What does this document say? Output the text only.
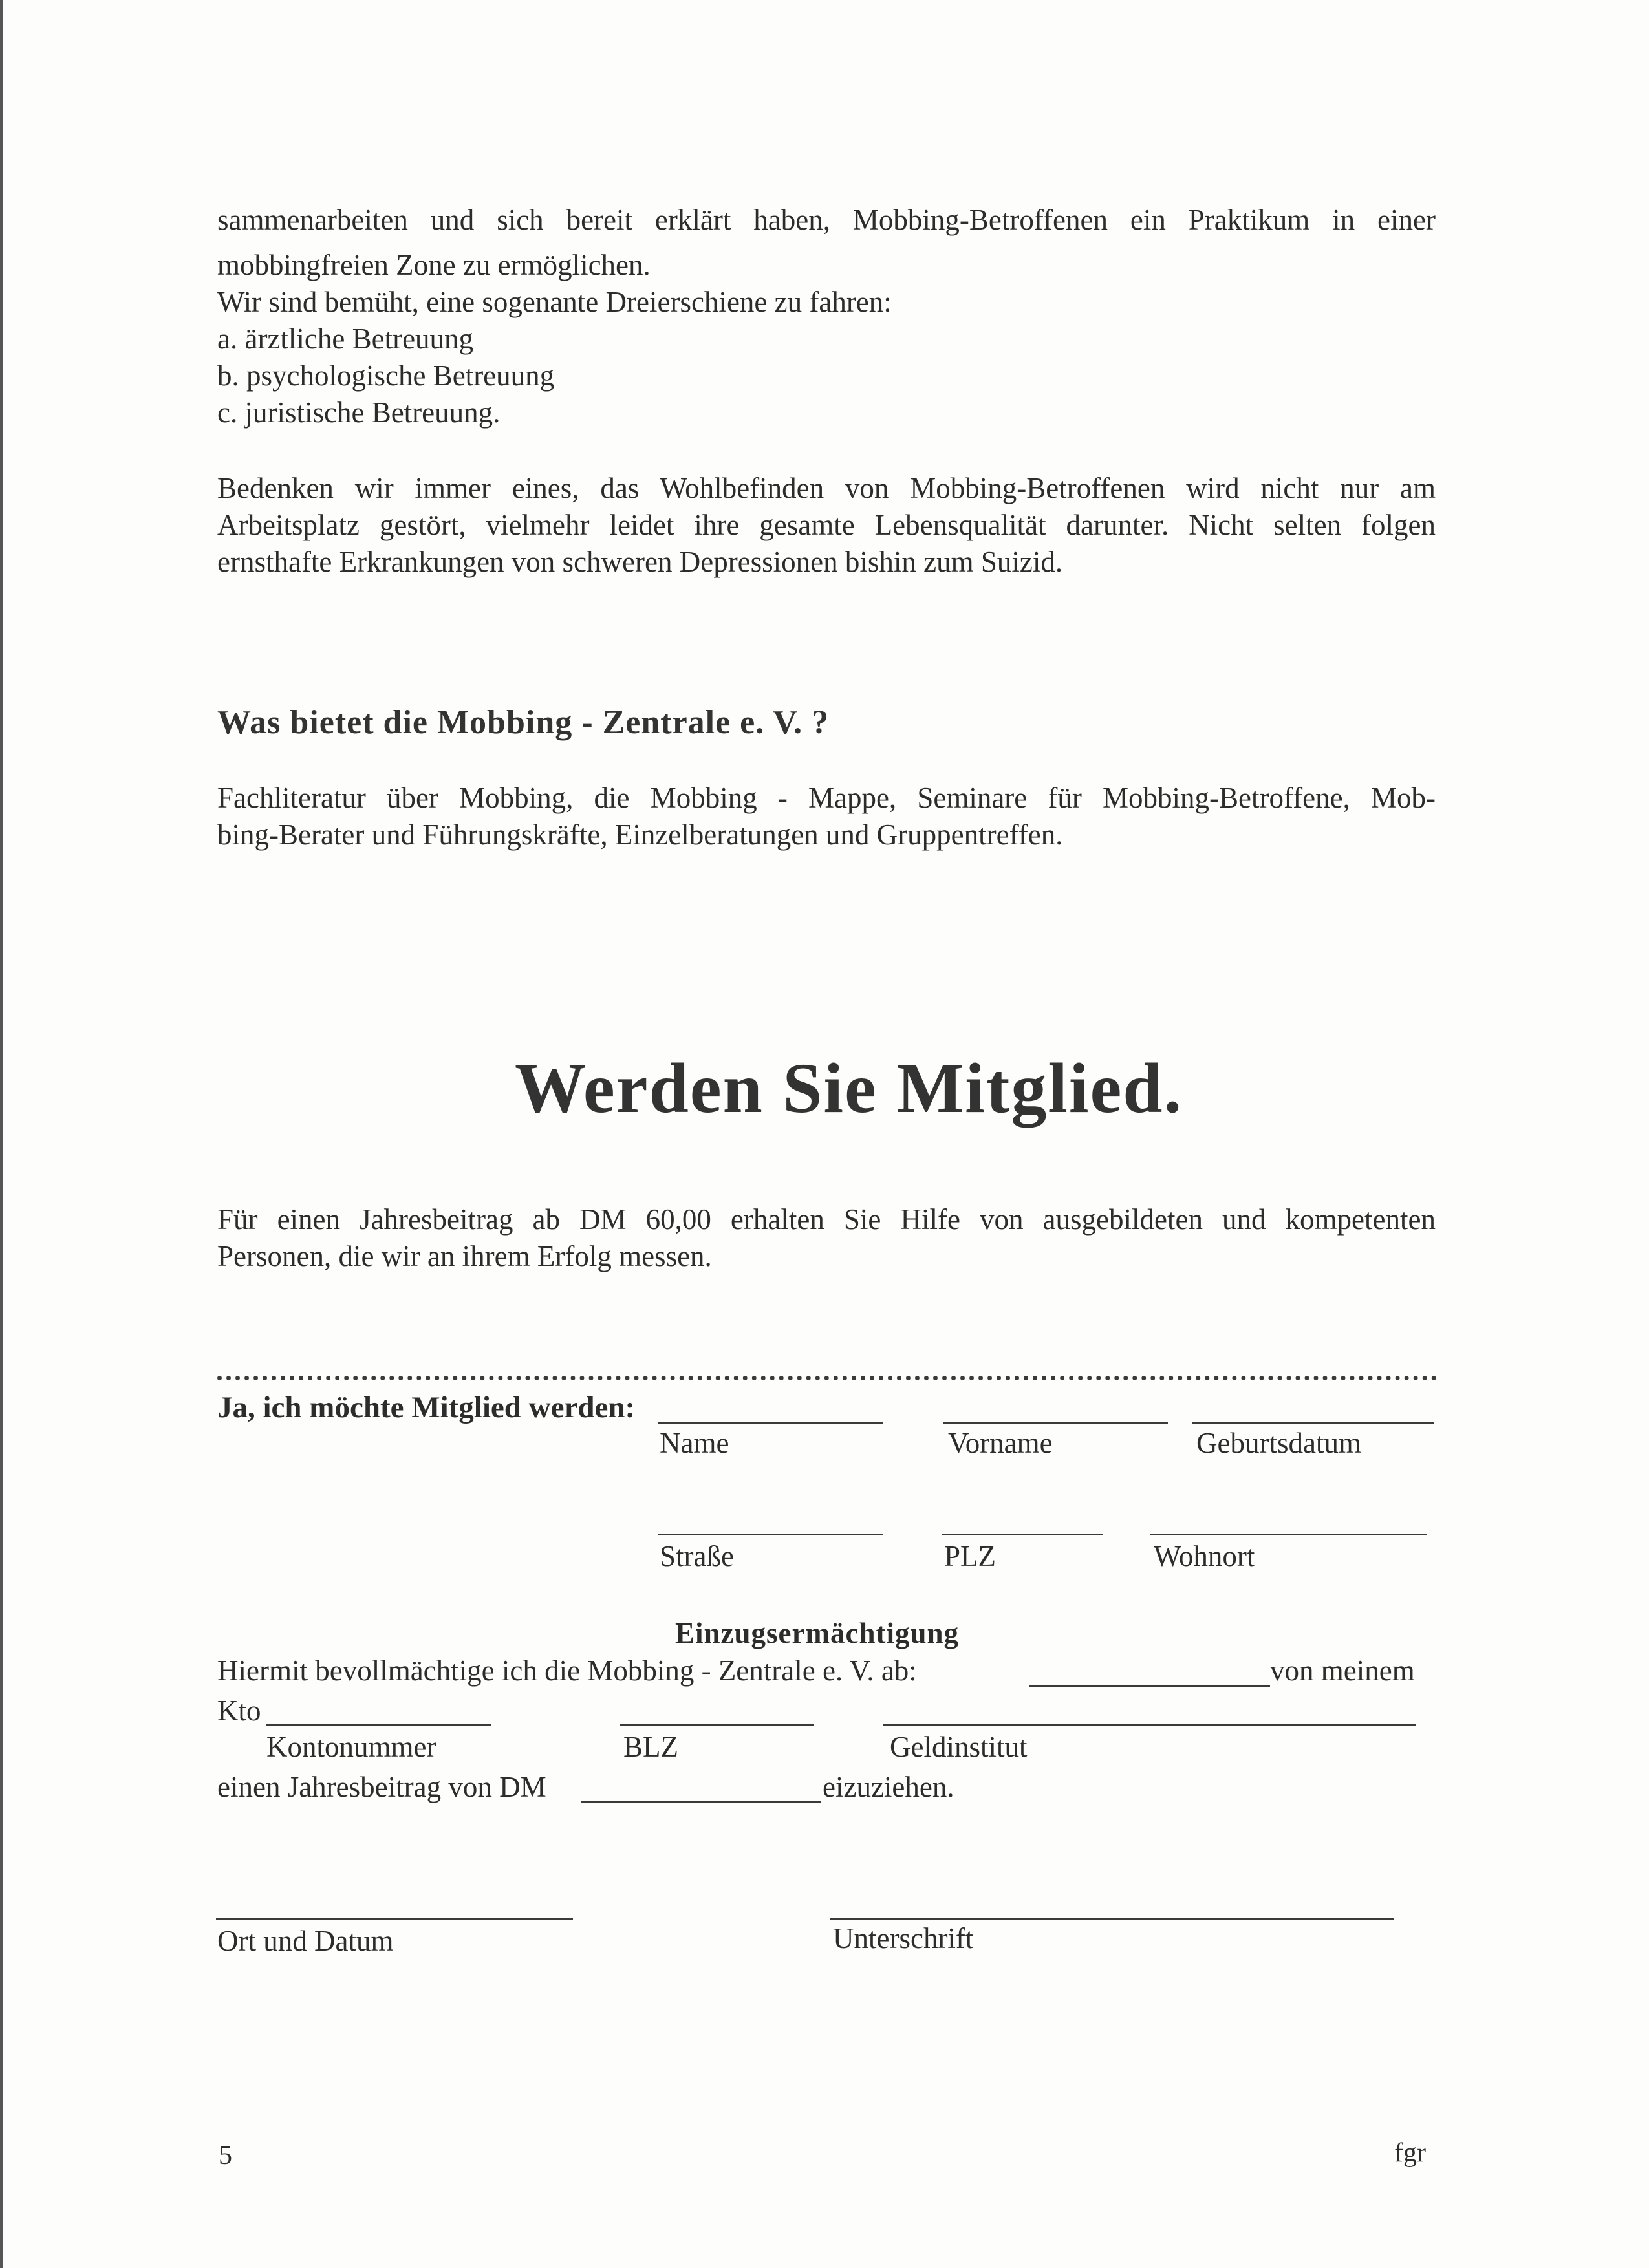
sammenarbeiten und sich bereit erklärt haben, Mobbing-Betroffenen ein Praktikum in einer
mobbingfreien Zone zu ermöglichen.
Wir sind bemüht, eine sogenante Dreierschiene zu fahren:
a. ärztliche Betreuung
b. psychologische Betreuung
c. juristische Betreuung.
Bedenken wir immer eines, das Wohlbefinden von Mobbing-Betroffenen wird nicht nur am
Arbeitsplatz gestört, vielmehr leidet ihre gesamte Lebensqualität darunter. Nicht selten folgen
ernsthafte Erkrankungen von schweren Depressionen bishin zum Suizid.
Was bietet die Mobbing - Zentrale e. V. ?
Fachliteratur über Mobbing, die Mobbing - Mappe, Seminare für Mobbing-Betroffene, Mob-
bing-Berater und Führungskräfte, Einzelberatungen und Gruppentreffen.
Werden Sie Mitglied.
Für einen Jahresbeitrag ab DM 60,00 erhalten Sie Hilfe von ausgebildeten und kompetenten
Personen, die wir an ihrem Erfolg messen.
Ja, ich möchte Mitglied werden:
Name	Vorname	Geburtsdatum
Straße	PLZ	Wohnort
Einzugsermächtigung
Hiermit bevollmächtige ich die Mobbing - Zentrale e. V. ab:	von meinem
Kto
Kontonummer	BLZ	Geldinstitut
einen Jahresbeitrag von DM	eizuziehen.
Ort und Datum	Unterschrift
5	fgr
